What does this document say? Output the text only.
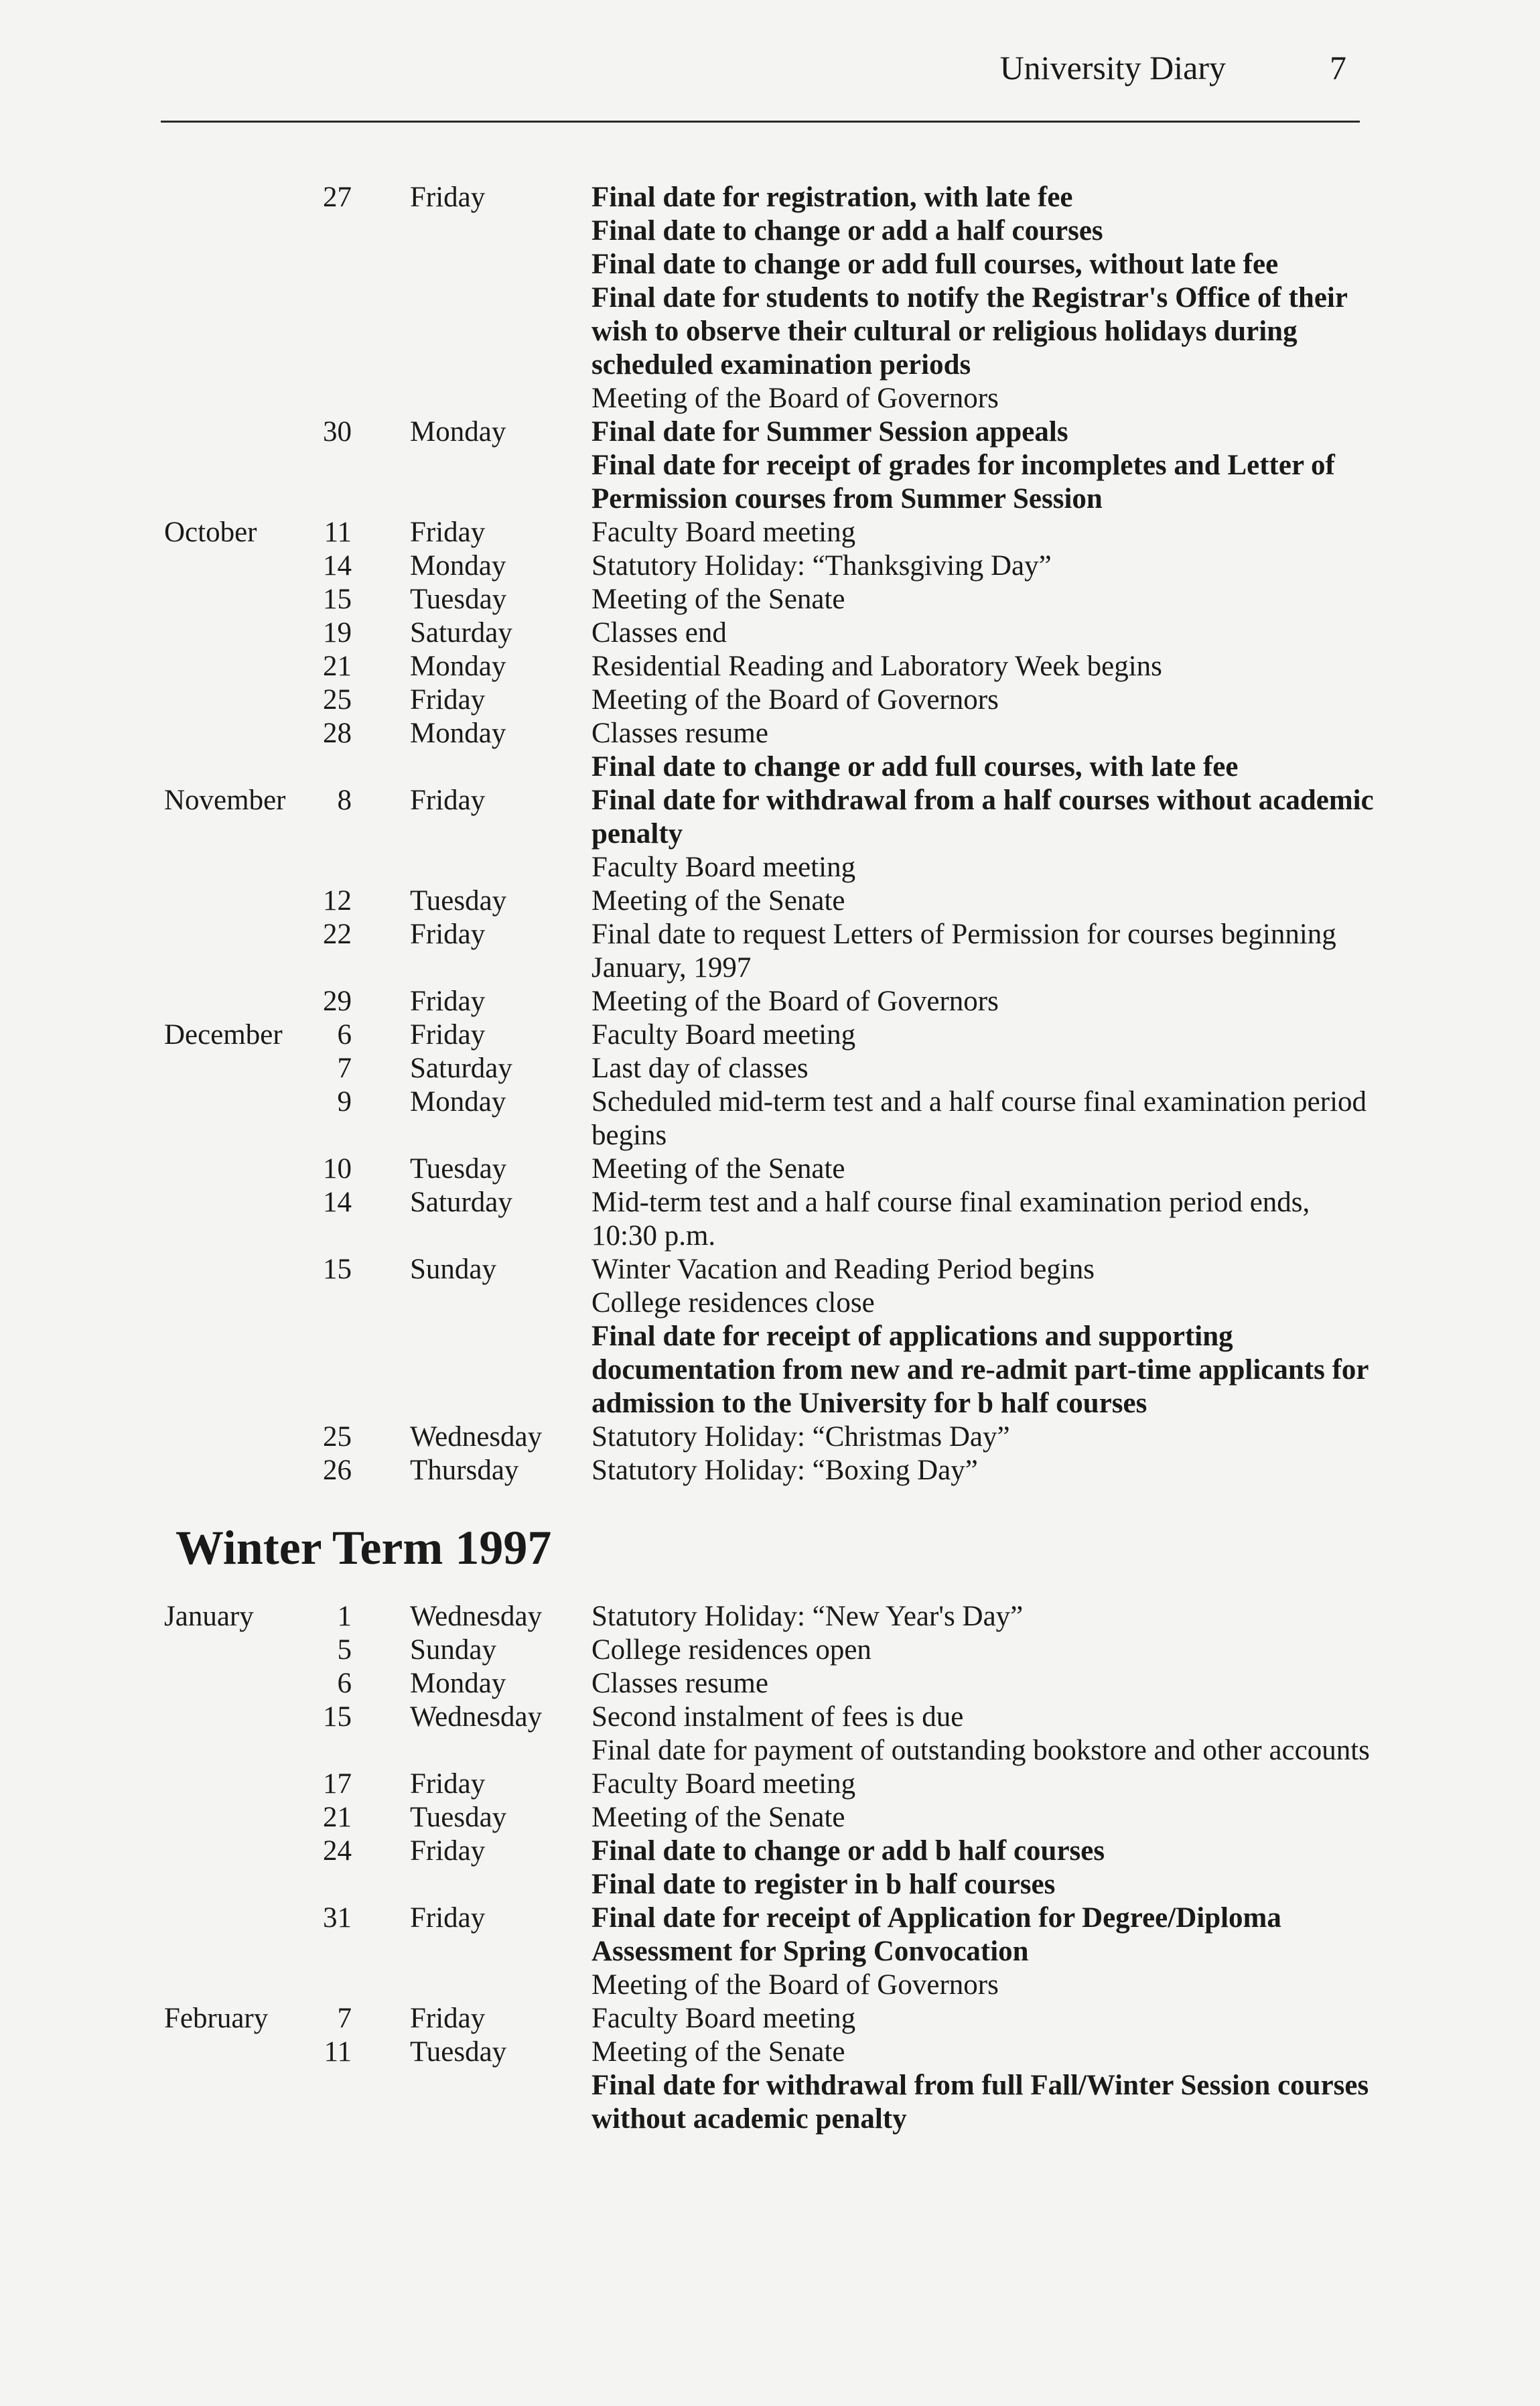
University Diary	7
27 Friday	Final date for registration, with late fee
Final date to change or add a half courses
Final date to change or add full courses, without late fee
Final date for students to notify the Registrar's Office of their wish to observe their cultural or religious holidays during scheduled examination periods
Meeting of the Board of Governors
30 Monday	Final date for Summer Session appeals
Final date for receipt of grades for incompletes and Letter of Permission courses from Summer Session
October	11 Friday	Faculty Board meeting
14 Monday	Statutory Holiday: “Thanksgiving Day”
15 Tuesday	Meeting of the Senate
19 Saturday	Classes end
21 Monday	Residential Reading and Laboratory Week begins
25 Friday	Meeting of the Board of Governors
28 Monday	Classes resume
Final date to change or add full courses, with late fee
November	8 Friday	Final date for withdrawal from a half courses without academic penalty
Faculty Board meeting
12 Tuesday	Meeting of the Senate
22 Friday	Final date to request Letters of Permission for courses beginning January, 1997
29 Friday	Meeting of the Board of Governors
December	6 Friday	Faculty Board meeting
7 Saturday	Last day of classes
9 Monday	Scheduled mid-term test and a half course final examination period begins
10 Tuesday	Meeting of the Senate
14 Saturday	Mid-term test and a half course final examination period ends, 10:30 p.m.
15 Sunday	Winter Vacation and Reading Period begins
College residences close
Final date for receipt of applications and supporting documentation from new and re-admit part-time applicants for admission to the University for b half courses
25 Wednesday	Statutory Holiday: “Christmas Day”
26 Thursday	Statutory Holiday: “Boxing Day”
Winter Term 1997
January	1 Wednesday	Statutory Holiday: “New Year's Day”
5 Sunday	College residences open
6 Monday	Classes resume
15 Wednesday	Second instalment of fees is due
Final date for payment of outstanding bookstore and other accounts
17 Friday	Faculty Board meeting
21 Tuesday	Meeting of the Senate
24 Friday	Final date to change or add b half courses
Final date to register in b half courses
31 Friday	Final date for receipt of Application for Degree/Diploma Assessment for Spring Convocation
Meeting of the Board of Governors
February	7 Friday	Faculty Board meeting
11 Tuesday	Meeting of the Senate
Final date for withdrawal from full Fall/Winter Session courses without academic penalty
